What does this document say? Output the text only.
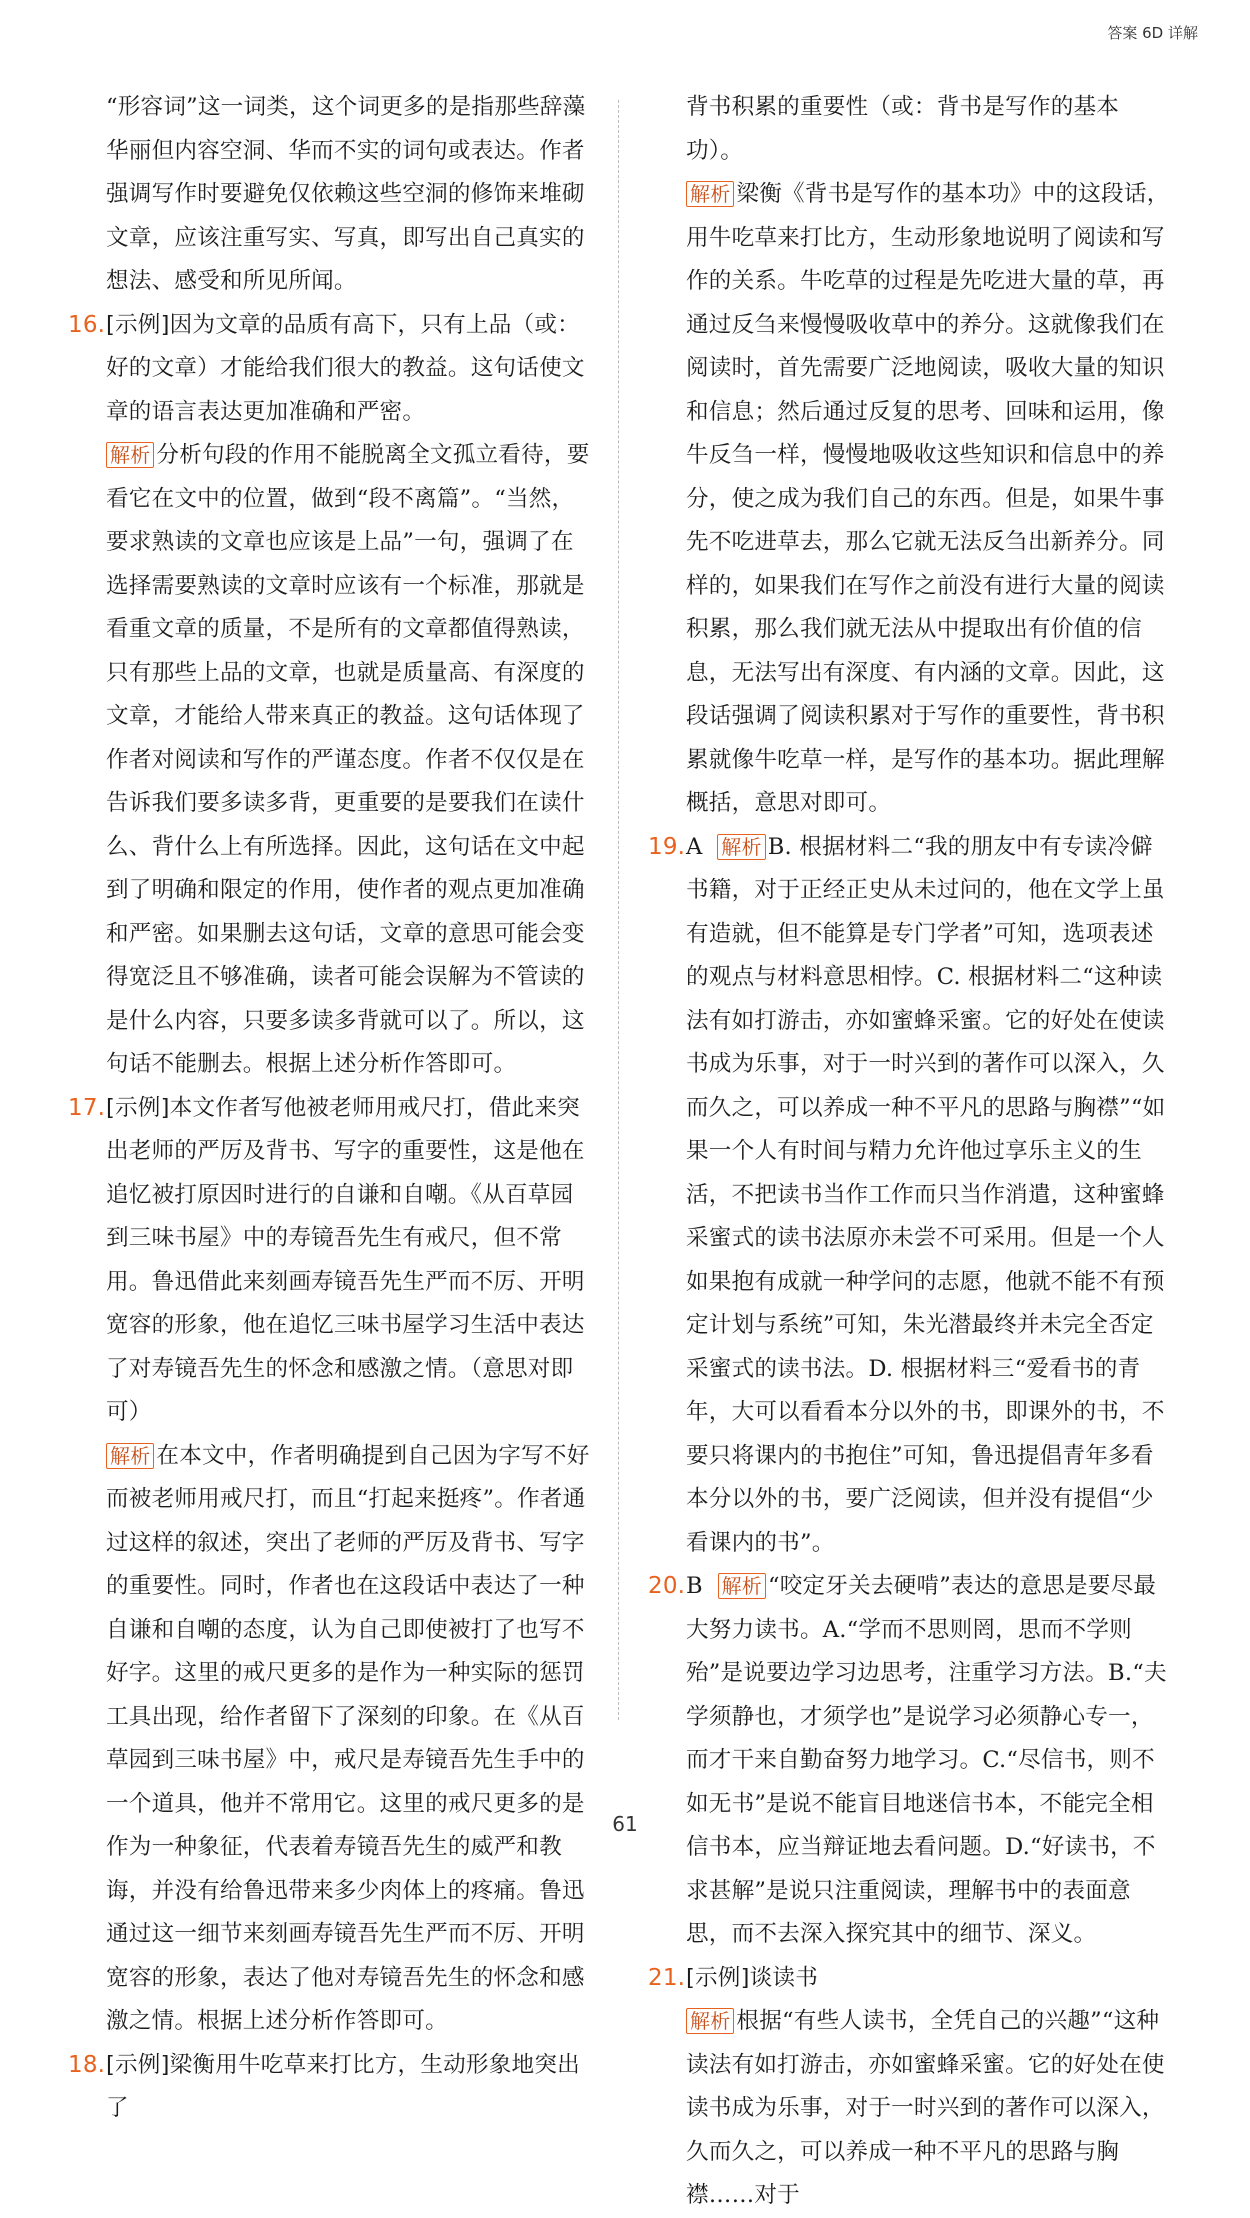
答案 6D 详解

“形容词”这一词类，这个词更多的是指那些辞藻华丽但内容空洞、华而不实的词句或表达。作者强调写作时要避免仅依赖这些空洞的修饰来堆砌文章，应该注重写实、写真，即写出自己真实的想法、感受和所见所闻。

16. [示例]因为文章的品质有高下，只有上品（或：好的文章）才能给我们很大的教益。这句话使文章的语言表达更加准确和严密。

解析 分析句段的作用不能脱离全文孤立看待，要看它在文中的位置，做到“段不离篇”。“当然，要求熟读的文章也应该是上品”一句，强调了在选择需要熟读的文章时应该有一个标准，那就是看重文章的质量，不是所有的文章都值得熟读，只有那些上品的文章，也就是质量高、有深度的文章，才能给人带来真正的教益。这句话体现了作者对阅读和写作的严谨态度。作者不仅仅是在告诉我们要多读多背，更重要的是要我们在读什么、背什么上有所选择。因此，这句话在文中起到了明确和限定的作用，使作者的观点更加准确和严密。如果删去这句话，文章的意思可能会变得宽泛且不够准确，读者可能会误解为不管读的是什么内容，只要多读多背就可以了。所以，这句话不能删去。根据上述分析作答即可。

17. [示例]本文作者写他被老师用戒尺打，借此来突出老师的严厉及背书、写字的重要性，这是他在追忆被打原因时进行的自谦和自嘲。《从百草园到三味书屋》中的寿镜吾先生有戒尺，但不常用。鲁迅借此来刻画寿镜吾先生严而不厉、开明宽容的形象，他在追忆三味书屋学习生活中表达了对寿镜吾先生的怀念和感激之情。（意思对即可）

解析 在本文中，作者明确提到自己因为字写不好而被老师用戒尺打，而且“打起来挺疼”。作者通过这样的叙述，突出了老师的严厉及背书、写字的重要性。同时，作者也在这段话中表达了一种自谦和自嘲的态度，认为自己即使被打了也写不好字。这里的戒尺更多的是作为一种实际的惩罚工具出现，给作者留下了深刻的印象。在《从百草园到三味书屋》中，戒尺是寿镜吾先生手中的一个道具，他并不常用它。这里的戒尺更多的是作为一种象征，代表着寿镜吾先生的威严和教诲，并没有给鲁迅带来多少肉体上的疼痛。鲁迅通过这一细节来刻画寿镜吾先生严而不厉、开明宽容的形象，表达了他对寿镜吾先生的怀念和感激之情。根据上述分析作答即可。

18. [示例]梁衡用牛吃草来打比方，生动形象地突出了

背书积累的重要性（或：背书是写作的基本功）。

解析 梁衡《背书是写作的基本功》中的这段话，用牛吃草来打比方，生动形象地说明了阅读和写作的关系。牛吃草的过程是先吃进大量的草，再通过反刍来慢慢吸收草中的养分。这就像我们在阅读时，首先需要广泛地阅读，吸收大量的知识和信息；然后通过反复的思考、回味和运用，像牛反刍一样，慢慢地吸收这些知识和信息中的养分，使之成为我们自己的东西。但是，如果牛事先不吃进草去，那么它就无法反刍出新养分。同样的，如果我们在写作之前没有进行大量的阅读积累，那么我们就无法从中提取出有价值的信息，无法写出有深度、有内涵的文章。因此，这段话强调了阅读积累对于写作的重要性，背书积累就像牛吃草一样，是写作的基本功。据此理解概括，意思对即可。

19. A 解析 B. 根据材料二“我的朋友中有专读冷僻书籍，对于正经正史从未过问的，他在文学上虽有造就，但不能算是专门学者”可知，选项表述的观点与材料意思相悖。C. 根据材料二“这种读法有如打游击，亦如蜜蜂采蜜。它的好处在使读书成为乐事，对于一时兴到的著作可以深入，久而久之，可以养成一种不平凡的思路与胸襟”“如果一个人有时间与精力允许他过享乐主义的生活，不把读书当作工作而只当作消遣，这种蜜蜂采蜜式的读书法原亦未尝不可采用。但是一个人如果抱有成就一种学问的志愿，他就不能不有预定计划与系统”可知，朱光潜最终并未完全否定采蜜式的读书法。D. 根据材料三“爱看书的青年，大可以看看本分以外的书，即课外的书，不要只将课内的书抱住”可知，鲁迅提倡青年多看本分以外的书，要广泛阅读，但并没有提倡“少看课内的书”。

20. B 解析 “咬定牙关去硬啃”表达的意思是要尽最大努力读书。A.“学而不思则罔，思而不学则殆”是说要边学习边思考，注重学习方法。B.“夫学须静也，才须学也”是说学习必须静心专一，而才干来自勤奋努力地学习。C.“尽信书，则不如无书”是说不能盲目地迷信书本，不能完全相信书本，应当辩证地去看问题。D.“好读书，不求甚解”是说只注重阅读，理解书中的表面意思，而不去深入探究其中的细节、深义。

21. [示例]谈读书

解析 根据“有些人读书，全凭自己的兴趣”“这种读法有如打游击，亦如蜜蜂采蜜。它的好处在使读书成为乐事，对于一时兴到的著作可以深入，久而久之，可以养成一种不平凡的思路与胸襟……对于

61
